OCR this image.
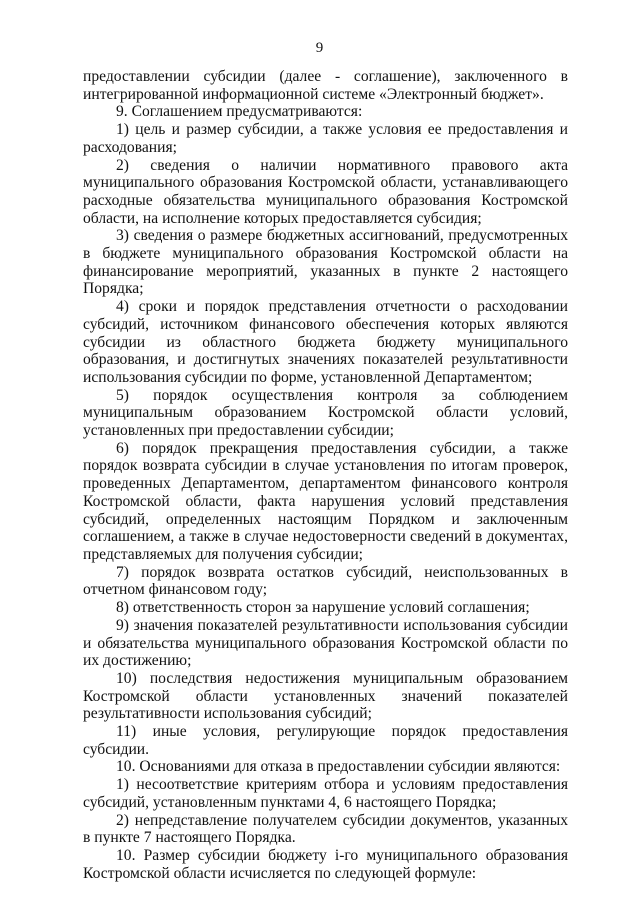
9

предоставлении субсидии (далее - соглашение), заключенного в интегрированной информационной системе «Электронный бюджет».

9. Соглашением предусматриваются:

1) цель и размер субсидии, а также условия ее предоставления и расходования;

2) сведения о наличии нормативного правового акта муниципального образования Костромской области, устанавливающего расходные обязательства муниципального образования Костромской области, на исполнение которых предоставляется субсидия;

3) сведения о размере бюджетных ассигнований, предусмотренных в бюджете муниципального образования Костромской области на финансирование мероприятий, указанных в пункте 2 настоящего Порядка;

4) сроки и порядок представления отчетности о расходовании субсидий, источником финансового обеспечения которых являются субсидии из областного бюджета бюджету муниципального образования, и достигнутых значениях показателей результативности использования субсидии по форме, установленной Департаментом;

5) порядок осуществления контроля за соблюдением муниципальным образованием Костромской области условий, установленных при предоставлении субсидии;

6) порядок прекращения предоставления субсидии, а также порядок возврата субсидии в случае установления по итогам проверок, проведенных Департаментом, департаментом финансового контроля Костромской области, факта нарушения условий представления субсидий, определенных настоящим Порядком и заключенным соглашением, а также в случае недостоверности сведений в документах, представляемых для получения субсидии;

7) порядок возврата остатков субсидий, неиспользованных в отчетном финансовом году;

8) ответственность сторон за нарушение условий соглашения;

9) значения показателей результативности использования субсидии и обязательства муниципального образования Костромской области по их достижению;

10) последствия недостижения муниципальным образованием Костромской области установленных значений показателей результативности использования субсидий;

11) иные условия, регулирующие порядок предоставления субсидии.

10. Основаниями для отказа в предоставлении субсидии являются:

1) несоответствие критериям отбора и условиям предоставления субсидий, установленным пунктами 4, 6 настоящего Порядка;

2) непредставление получателем субсидии документов, указанных в пункте 7 настоящего Порядка.

10. Размер субсидии бюджету i-го муниципального образования Костромской области исчисляется по следующей формуле:
